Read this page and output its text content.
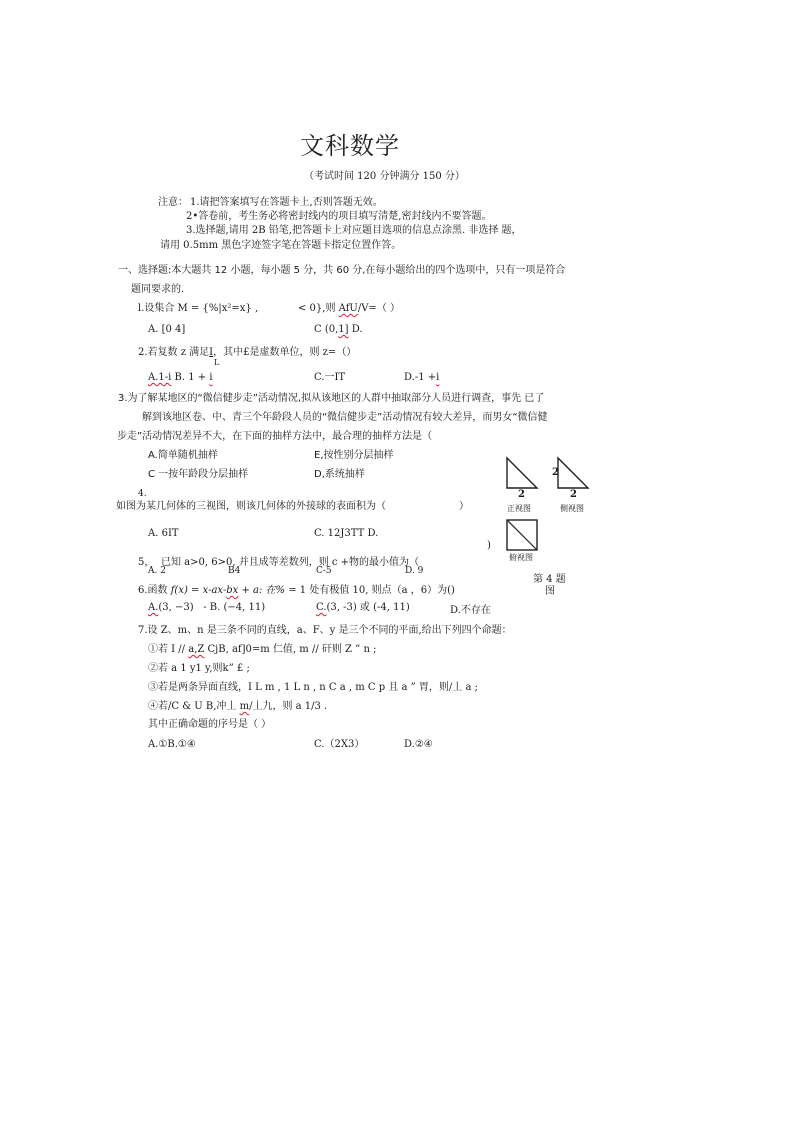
文科数学
（考试时间 120 分钟满分 150 分）
注意： 1.请把答案填写在答题卡上,否则答题无效。
2•答卷前，考生务必将密封线内的项目填写清楚,密封线内不要答题。
3.选择题,请用 2B 铅笔,把答题卡上对应题目选项的信息点涂黑. 非选择 题，
请用 0.5mm 黑色字迹签字笔在答题卡指定位置作答。
一、选择题:本大题共 12 小题，每小题 5 分，共 60 分,在每小题给出的四个选项中，只有一项是符合
题同要求的.
l.设集合 M = {%|x²=x} ,	< 0},则 AfU/V=（ ）
A. [0 4]	C (0,1] D.
2.若复数 z 满足I，其中£是虚数单位，则 z=（）
L
A.1-i B. 1 + i	C.一IT	D.-1 +i
3.为了解某地区的“微信健步走”活动情况,拟从该地区的人群中抽取部分人员进行调查，事先 已了
解到该地区卷、中、青三个年龄段人员的“微信健步走”活动情况有较大差异，而男女“微信健
步走”活动情况差异不大，在下面的抽样方法中，最合理的抽样方法是（
A.简单随机抽样	E,按性别分层抽样
C 一按年龄段分层抽样	D,系统抽样
4.
如图为某几何体的三视图，则该几何体的外接球的表面积为（	）
A. 6IT	C. 12J3TT D.
)
2
正视图
2
2
侧视图
俯视图
第 4 题
图
5， 已知 a>0, 6>0, 并且成等差数列，则 c +物的最小值为（
A. 2	B4	C-5	D. 9
6.函数 f(x) = x-ax-bx + a: 在% = 1 处有极值 10, 则点（a ，6）为()
A.(3, −3) - B. (−4, 11)	C.(3, -3) 或 (-4, 11)	D.不存在
7.设 Z、m、n 是三条不同的直线，a、F、y 是三个不同的平面,给出下列四个命题：
①若 I // a,Z CjB, af]0=m 仁值, m // 矸则 Z ” n ;
②若 a 1 y1 y,则k” £ ;
③若是两条异面直线，I L m , 1 L n , n C a , m C p 且 a ” 胃，则/丄 a ;
④若/C & U B,冲丄 m/丄九，则 a 1/3 .
其中正确命题的序号是（ ）
A.①B.①④	C.（2X3）	D.②④
